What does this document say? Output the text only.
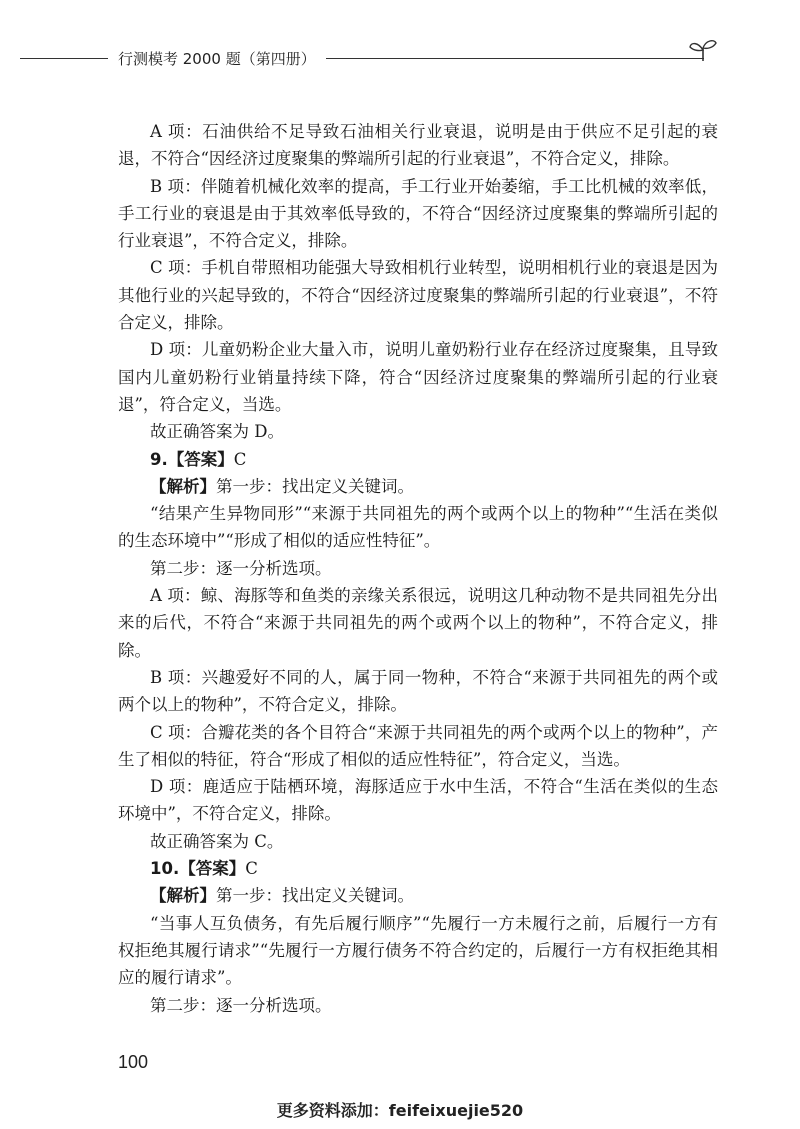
行测模考 2000 题（第四册）

A 项：石油供给不足导致石油相关行业衰退，说明是由于供应不足引起的衰退，不符合“因经济过度聚集的弊端所引起的行业衰退”，不符合定义，排除。

B 项：伴随着机械化效率的提高，手工行业开始萎缩，手工比机械的效率低，手工行业的衰退是由于其效率低导致的，不符合“因经济过度聚集的弊端所引起的行业衰退”，不符合定义，排除。

C 项：手机自带照相功能强大导致相机行业转型，说明相机行业的衰退是因为其他行业的兴起导致的，不符合“因经济过度聚集的弊端所引起的行业衰退”，不符合定义，排除。

D 项：儿童奶粉企业大量入市，说明儿童奶粉行业存在经济过度聚集，且导致国内儿童奶粉行业销量持续下降，符合“因经济过度聚集的弊端所引起的行业衰退”，符合定义，当选。

故正确答案为 D。

9.【答案】C

【解析】第一步：找出定义关键词。

“结果产生异物同形”“来源于共同祖先的两个或两个以上的物种”“生活在类似的生态环境中”“形成了相似的适应性特征”。

第二步：逐一分析选项。

A 项：鲸、海豚等和鱼类的亲缘关系很远，说明这几种动物不是共同祖先分出来的后代，不符合“来源于共同祖先的两个或两个以上的物种”，不符合定义，排除。

B 项：兴趣爱好不同的人，属于同一物种，不符合“来源于共同祖先的两个或两个以上的物种”，不符合定义，排除。

C 项：合瓣花类的各个目符合“来源于共同祖先的两个或两个以上的物种”，产生了相似的特征，符合“形成了相似的适应性特征”，符合定义，当选。

D 项：鹿适应于陆栖环境，海豚适应于水中生活，不符合“生活在类似的生态环境中”，不符合定义，排除。

故正确答案为 C。

10.【答案】C

【解析】第一步：找出定义关键词。

“当事人互负债务，有先后履行顺序”“先履行一方未履行之前，后履行一方有权拒绝其履行请求”“先履行一方履行债务不符合约定的，后履行一方有权拒绝其相应的履行请求”。

第二步：逐一分析选项。

100
更多资料添加：feifeixuejie520
